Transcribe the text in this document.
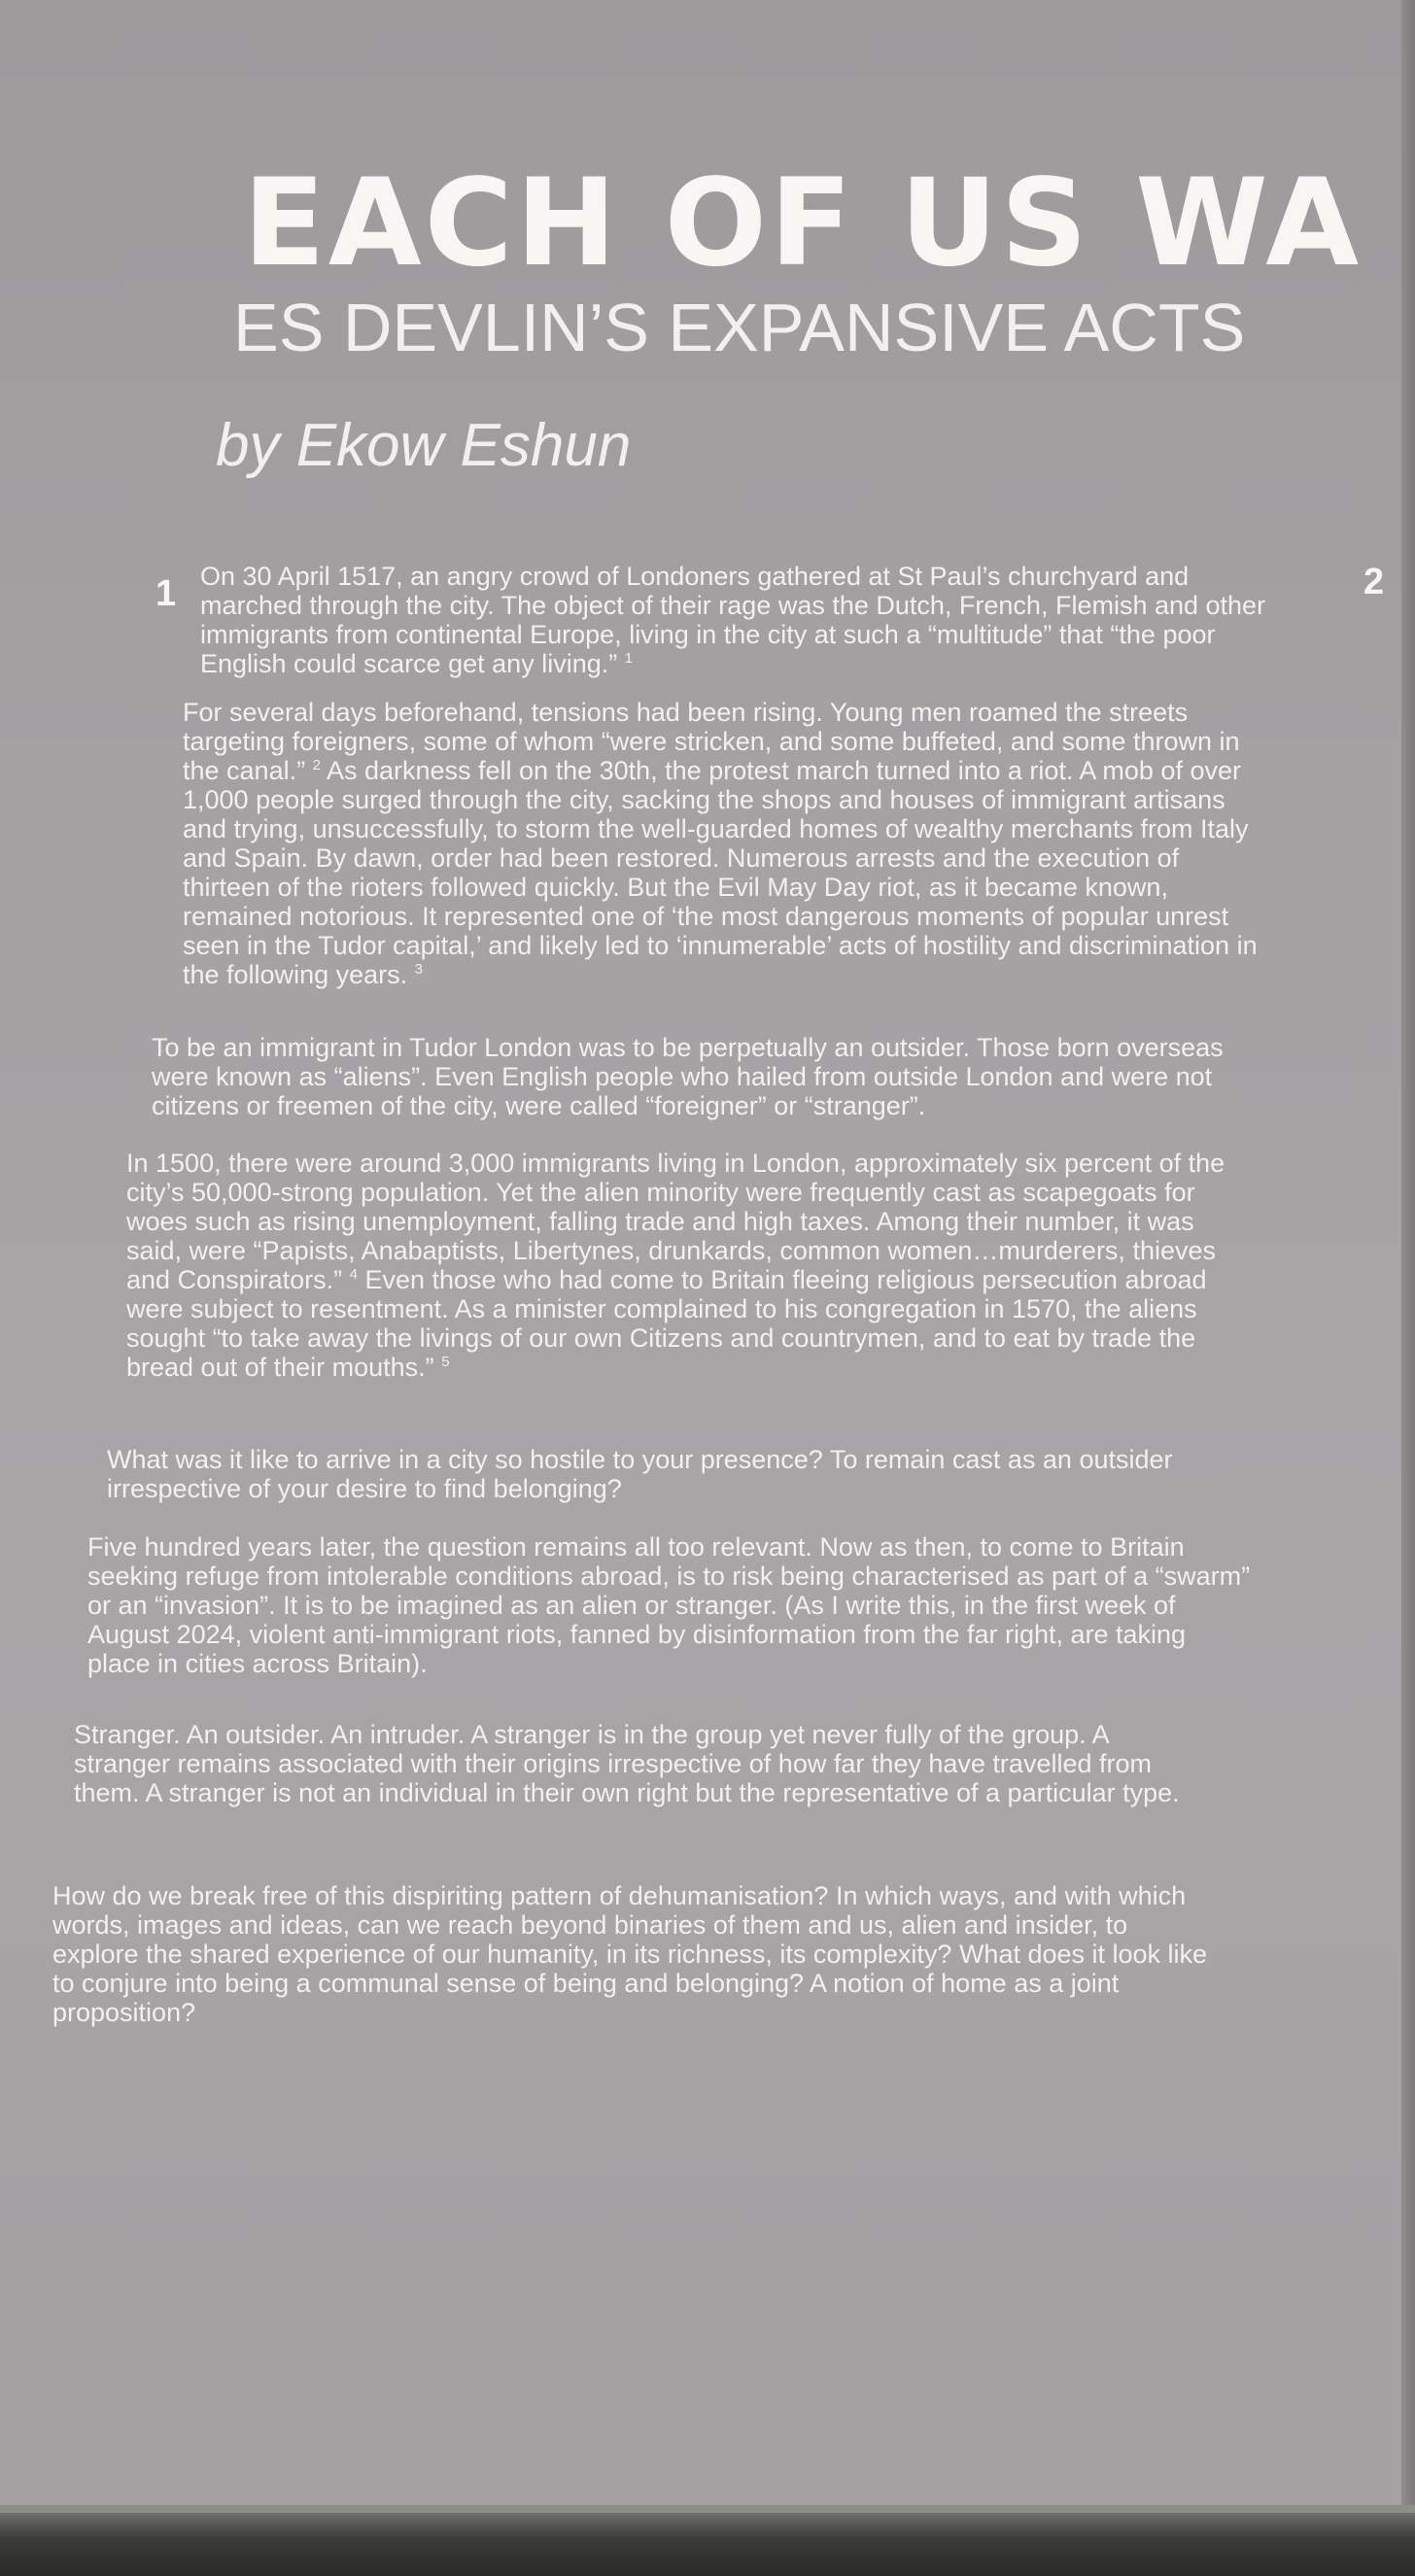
EACH OF US WA
ES DEVLIN’S EXPANSIVE ACTS

by Ekow Eshun

1	2

On 30 April 1517, an angry crowd of Londoners gathered at St Paul’s churchyard and marched through the city. The object of their rage was the Dutch, French, Flemish and other immigrants from continental Europe, living in the city at such a “multitude” that “the poor English could scarce get any living.” $^1$

For several days beforehand, tensions had been rising. Young men roamed the streets targeting foreigners, some of whom “were stricken, and some buffeted, and some thrown in the canal.” $^2$ As darkness fell on the 30th, the protest march turned into a riot. A mob of over 1,000 people surged through the city, sacking the shops and houses of immigrant artisans and trying, unsuccessfully, to storm the well-guarded homes of wealthy merchants from Italy and Spain. By dawn, order had been restored. Numerous arrests and the execution of thirteen of the rioters followed quickly. But the Evil May Day riot, as it became known, remained notorious. It represented one of ‘the most dangerous moments of popular unrest seen in the Tudor capital,’ and likely led to ‘innumerable’ acts of hostility and discrimination in the following years. $^3$

To be an immigrant in Tudor London was to be perpetually an outsider. Those born overseas were known as “aliens”. Even English people who hailed from outside London and were not citizens or freemen of the city, were called “foreigner” or “stranger”.

In 1500, there were around 3,000 immigrants living in London, approximately six percent of the city’s 50,000-strong population. Yet the alien minority were frequently cast as scapegoats for woes such as rising unemployment, falling trade and high taxes. Among their number, it was said, were “Papists, Anabaptists, Libertynes, drunkards, common women…murderers, thieves and Conspirators.” $^4$ Even those who had come to Britain fleeing religious persecution abroad were subject to resentment. As a minister complained to his congregation in 1570, the aliens sought “to take away the livings of our own Citizens and countrymen, and to eat by trade the bread out of their mouths.” $^5$

What was it like to arrive in a city so hostile to your presence? To remain cast as an outsider irrespective of your desire to find belonging?

Five hundred years later, the question remains all too relevant. Now as then, to come to Britain seeking refuge from intolerable conditions abroad, is to risk being characterised as part of a “swarm” or an “invasion”. It is to be imagined as an alien or stranger. (As I write this, in the first week of August 2024, violent anti-immigrant riots, fanned by disinformation from the far right, are taking place in cities across Britain).

Stranger. An outsider. An intruder. A stranger is in the group yet never fully of the group. A stranger remains associated with their origins irrespective of how far they have travelled from them. A stranger is not an individual in their own right but the representative of a particular type.

How do we break free of this dispiriting pattern of dehumanisation? In which ways, and with which words, images and ideas, can we reach beyond binaries of them and us, alien and insider, to explore the shared experience of our humanity, in its richness, its complexity? What does it look like to conjure into being a communal sense of being and belonging? A notion of home as a joint proposition?
